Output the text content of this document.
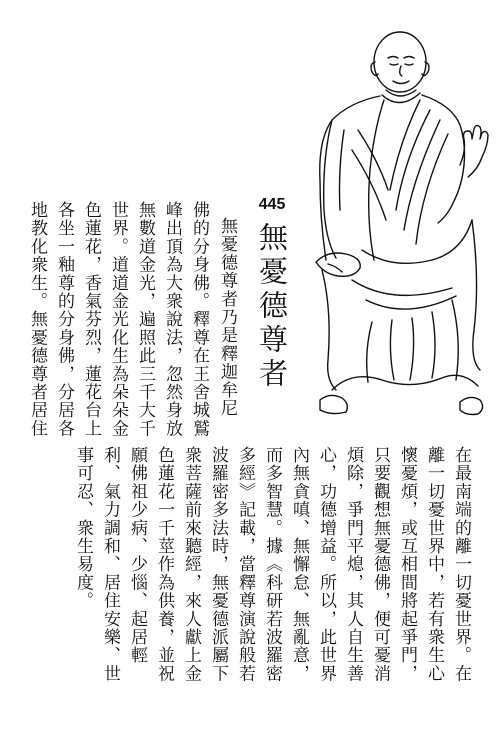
445
無憂德尊者
無憂德尊者乃是釋迦牟尼
佛的分身佛。釋尊在王舍城鷲
峰出頂為大衆說法，忽然身放
無數道金光，遍照此三千大千
世界。道道金光化生為朵朵金
色蓮花，香氣芬烈，蓮花台上
各坐一釉尊的分身佛，分居各
地教化衆生。無憂德尊者居住
在最南端的離一切憂世界。在
離一切憂世界中，若有衆生心
懷憂煩，或互相間將起爭門，
只要觀想無憂德佛，便可憂消
煩除，爭門平熄，其人自生善
心，功德增益。所以，此世界
內無貪嗔、無懈怠、無亂意，
而多智慧。據《科研若波羅密
多經》記載，當釋尊演說般若
波羅密多法時，無憂德派屬下
衆菩薩前來聽經，來人獻上金
色蓮花一千莖作為供養，並祝
願佛祖少病、少惱、起居輕
利、氣力調和、居住安樂、世
事可忍、衆生易度。
